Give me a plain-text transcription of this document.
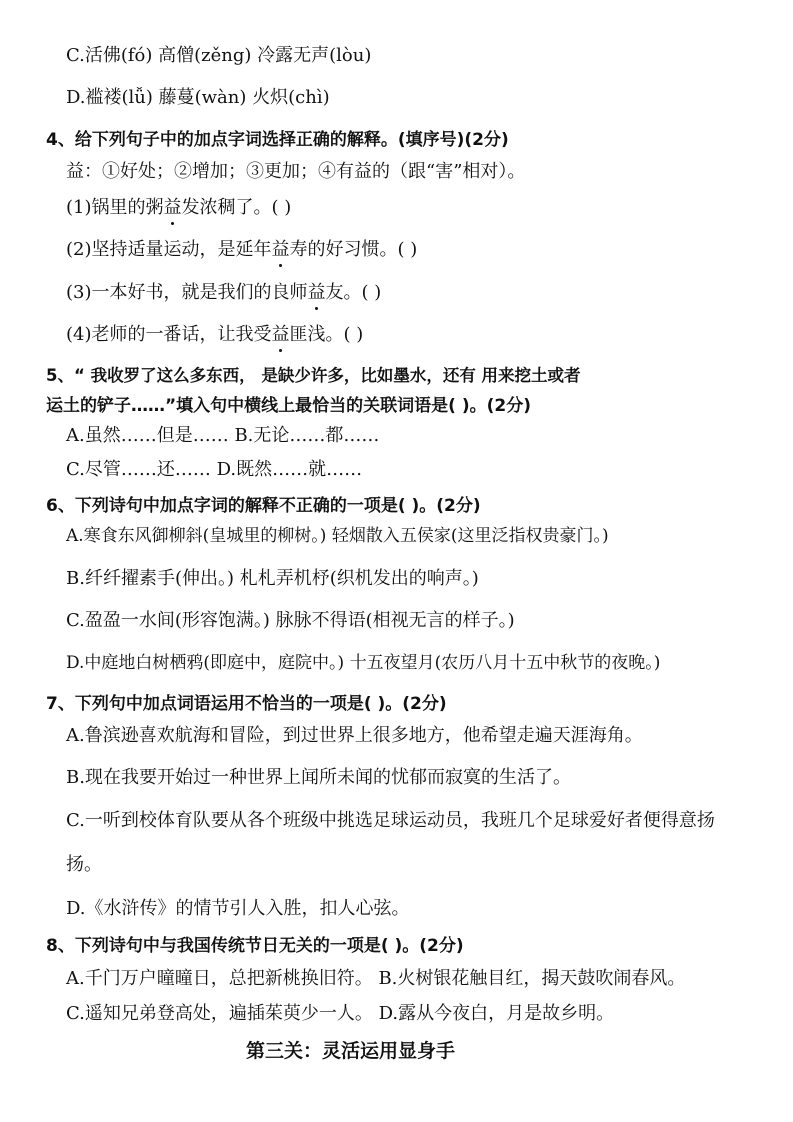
C.活佛(fó) 高僧(zěng) 冷露无声(lòu)
D.褴褛(lǚ) 藤蔓(wàn) 火炽(chì)
4、给下列句子中的加点字词选择正确的解释。(填序号)(2分)
益：①好处；②增加；③更加；④有益的（跟“害”相对）。
(1)锅里的粥益发浓稠了。( )
(2)坚持适量运动，是延年益寿的好习惯。( )
(3)一本好书，就是我们的良师益友。( )
(4)老师的一番话，让我受益匪浅。( )
5、“ 我收罗了这么多东西， 是缺少许多，比如墨水，还有 用来挖土或者
运土的铲子……”填入句中横线上最恰当的关联词语是( )。(2分)
A.虽然……但是…… B.无论……都……
C.尽管……还…… D.既然……就……
6、下列诗句中加点字词的解释不正确的一项是( )。(2分)
A.寒食东风御柳斜(皇城里的柳树。) 轻烟散入五侯家(这里泛指权贵豪门。)
B.纤纤擢素手(伸出。) 札札弄机杼(织机发出的响声。)
C.盈盈一水间(形容饱满。) 脉脉不得语(相视无言的样子。)
D.中庭地白树栖鸦(即庭中，庭院中。) 十五夜望月(农历八月十五中秋节的夜晚。)
7、下列句中加点词语运用不恰当的一项是( )。(2分)
A.鲁滨逊喜欢航海和冒险，到过世界上很多地方，他希望走遍天涯海角。
B.现在我要开始过一种世界上闻所未闻的忧郁而寂寞的生活了。
C.一听到校体育队要从各个班级中挑选足球运动员，我班几个足球爱好者便得意扬
扬。
D.《水浒传》的情节引人入胜，扣人心弦。
8、下列诗句中与我国传统节日无关的一项是( )。(2分)
A.千门万户曈曈日，总把新桃换旧符。 B.火树银花触目红，揭天鼓吹闹春风。
C.遥知兄弟登高处，遍插茱萸少一人。 D.露从今夜白，月是故乡明。
第三关：灵活运用显身手
